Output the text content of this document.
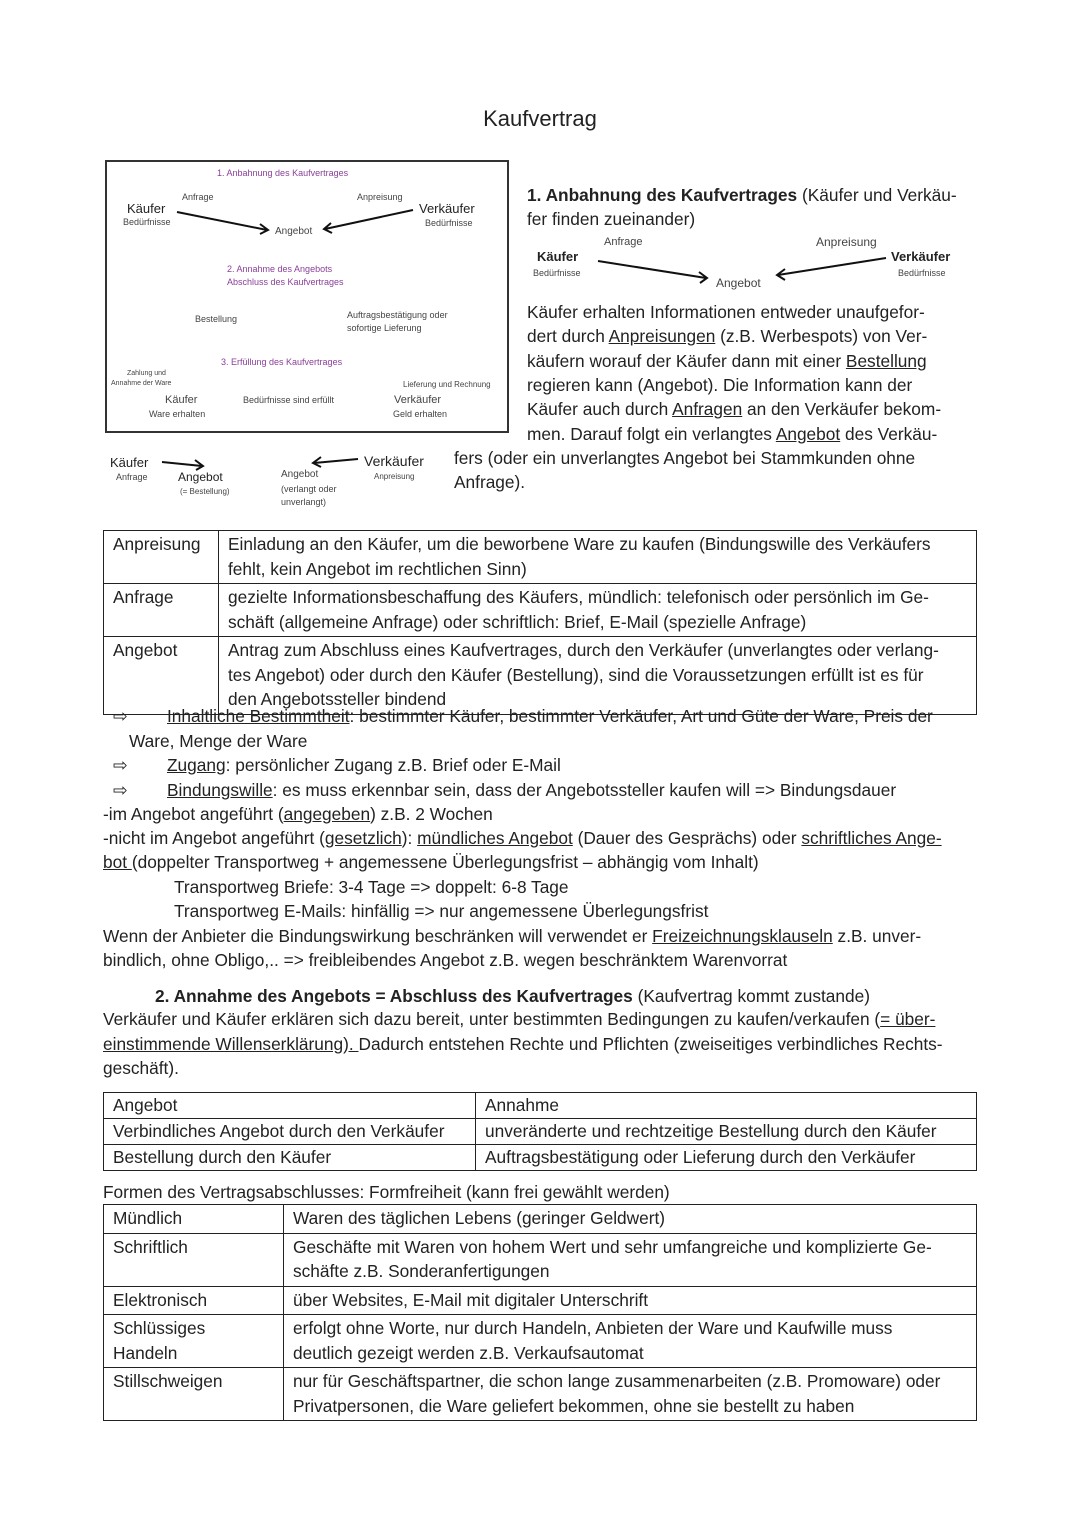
Kaufvertrag
1. Anbahnung des Kaufvertrages
Anfrage	Anpreisung
Käufer
Bedürfnisse
Verkäufer
Bedürfnisse
Angebot
2. Annahme des Angebots
Abschluss des Kaufvertrages
Bestellung	Auftragsbestätigung oder
sofortige Lieferung
3. Erfüllung des Kaufvertrages
Zahlung und
Annahme der Ware	Lieferung und Rechnung
Käufer	Bedürfnisse sind erfüllt	Verkäufer
Ware erhalten	Geld erhalten
Käufer
Anfrage	Angebot
(= Bestellung)
Angebot
(verlangt oder
unverlangt)
Verkäufer
Anpreisung
1. Anbahnung des Kaufvertrages (Käufer und Verkäu-
fer finden zueinander)
Anfrage	Anpreisung
Käufer
Bedürfnisse
Verkäufer
Bedürfnisse
Angebot
Anpreisung	Einladung an den Käufer, um die beworbene Ware zu kaufen (Bindungswille des Verkäufers
fehlt, kein Angebot im rechtlichen Sinn)

Anfrage	gezielte Informationsbeschaffung des Käufers, mündlich: telefonisch oder persönlich im Ge-
schäft (allgemeine Anfrage) oder schriftlich: Brief, E-Mail (spezielle Anfrage)

Angebot	Antrag zum Abschluss eines Kaufvertrages, durch den Verkäufer (unverlangtes oder verlang-
tes Angebot) oder durch den Käufer (Bestellung), sind die Voraussetzungen erfüllt ist es für
den Angebotssteller bindend
2. Annahme des Angebots = Abschluss des Kaufvertrages (Kaufvertrag kommt zustande)
Angebot	Annahme
Verbindliches Angebot durch den Verkäufer	unveränderte und rechtzeitige Bestellung durch den Käufer
Bestellung durch den Käufer	Auftragsbestätigung oder Lieferung durch den Verkäufer
Formen des Vertragsabschlusses: Formfreiheit (kann frei gewählt werden)
Mündlich	Waren des täglichen Lebens (geringer Geldwert)

Schriftlich	Geschäfte mit Waren von hohem Wert und sehr umfangreiche und komplizierte Ge-
schäfte z.B. Sonderanfertigungen

Elektronisch	über Websites, E-Mail mit digitaler Unterschrift

Schlüssiges Handeln	erfolgt ohne Worte, nur durch Handeln, Anbieten der Ware und Kaufwille muss
deutlich gezeigt werden z.B. Verkaufsautomat

Stillschweigen	nur für Geschäftspartner, die schon lange zusammenarbeiten (z.B. Promoware) oder
Privatpersonen, die Ware geliefert bekommen, ohne sie bestellt zu haben
Käufer erhalten Informationen entweder unaufgefor-
dert durch Anpreisungen (z.B. Werbespots) von Ver-
käufern worauf der Käufer dann mit einer Bestellung
regieren kann (Angebot). Die Information kann der
Käufer auch durch Anfragen an den Verkäufer bekom-
men. Darauf folgt ein verlangtes Angebot des Verkäu-
fers (oder ein unverlangtes Angebot bei Stammkunden ohne
Anfrage).
Inhaltliche Bestimmtheit: bestimmter Käufer, bestimmter Verkäufer, Art und Güte der Ware, Preis der
⇨
Ware, Menge der Ware
Zugang: persönlicher Zugang z.B. Brief oder E-Mail
⇨
Bindungswille: es muss erkennbar sein, dass der Angebotssteller kaufen will => Bindungsdauer
⇨
-im Angebot angeführt (angegeben) z.B. 2 Wochen
-nicht im Angebot angeführt (gesetzlich): mündliches Angebot (Dauer des Gesprächs) oder schriftliches Ange-
bot (doppelter Transportweg + angemessene Überlegungsfrist – abhängig vom Inhalt)
Transportweg Briefe: 3-4 Tage => doppelt: 6-8 Tage
Transportweg E-Mails: hinfällig => nur angemessene Überlegungsfrist
Wenn der Anbieter die Bindungswirkung beschränken will verwendet er Freizeichnungsklauseln z.B. unver-
bindlich, ohne Obligo,.. => freibleibendes Angebot z.B. wegen beschränktem Warenvorrat
Verkäufer und Käufer erklären sich dazu bereit, unter bestimmten Bedingungen zu kaufen/verkaufen (= über-
einstimmende Willenserklärung). Dadurch entstehen Rechte und Pflichten (zweiseitiges verbindliches Rechts-
geschäft).
